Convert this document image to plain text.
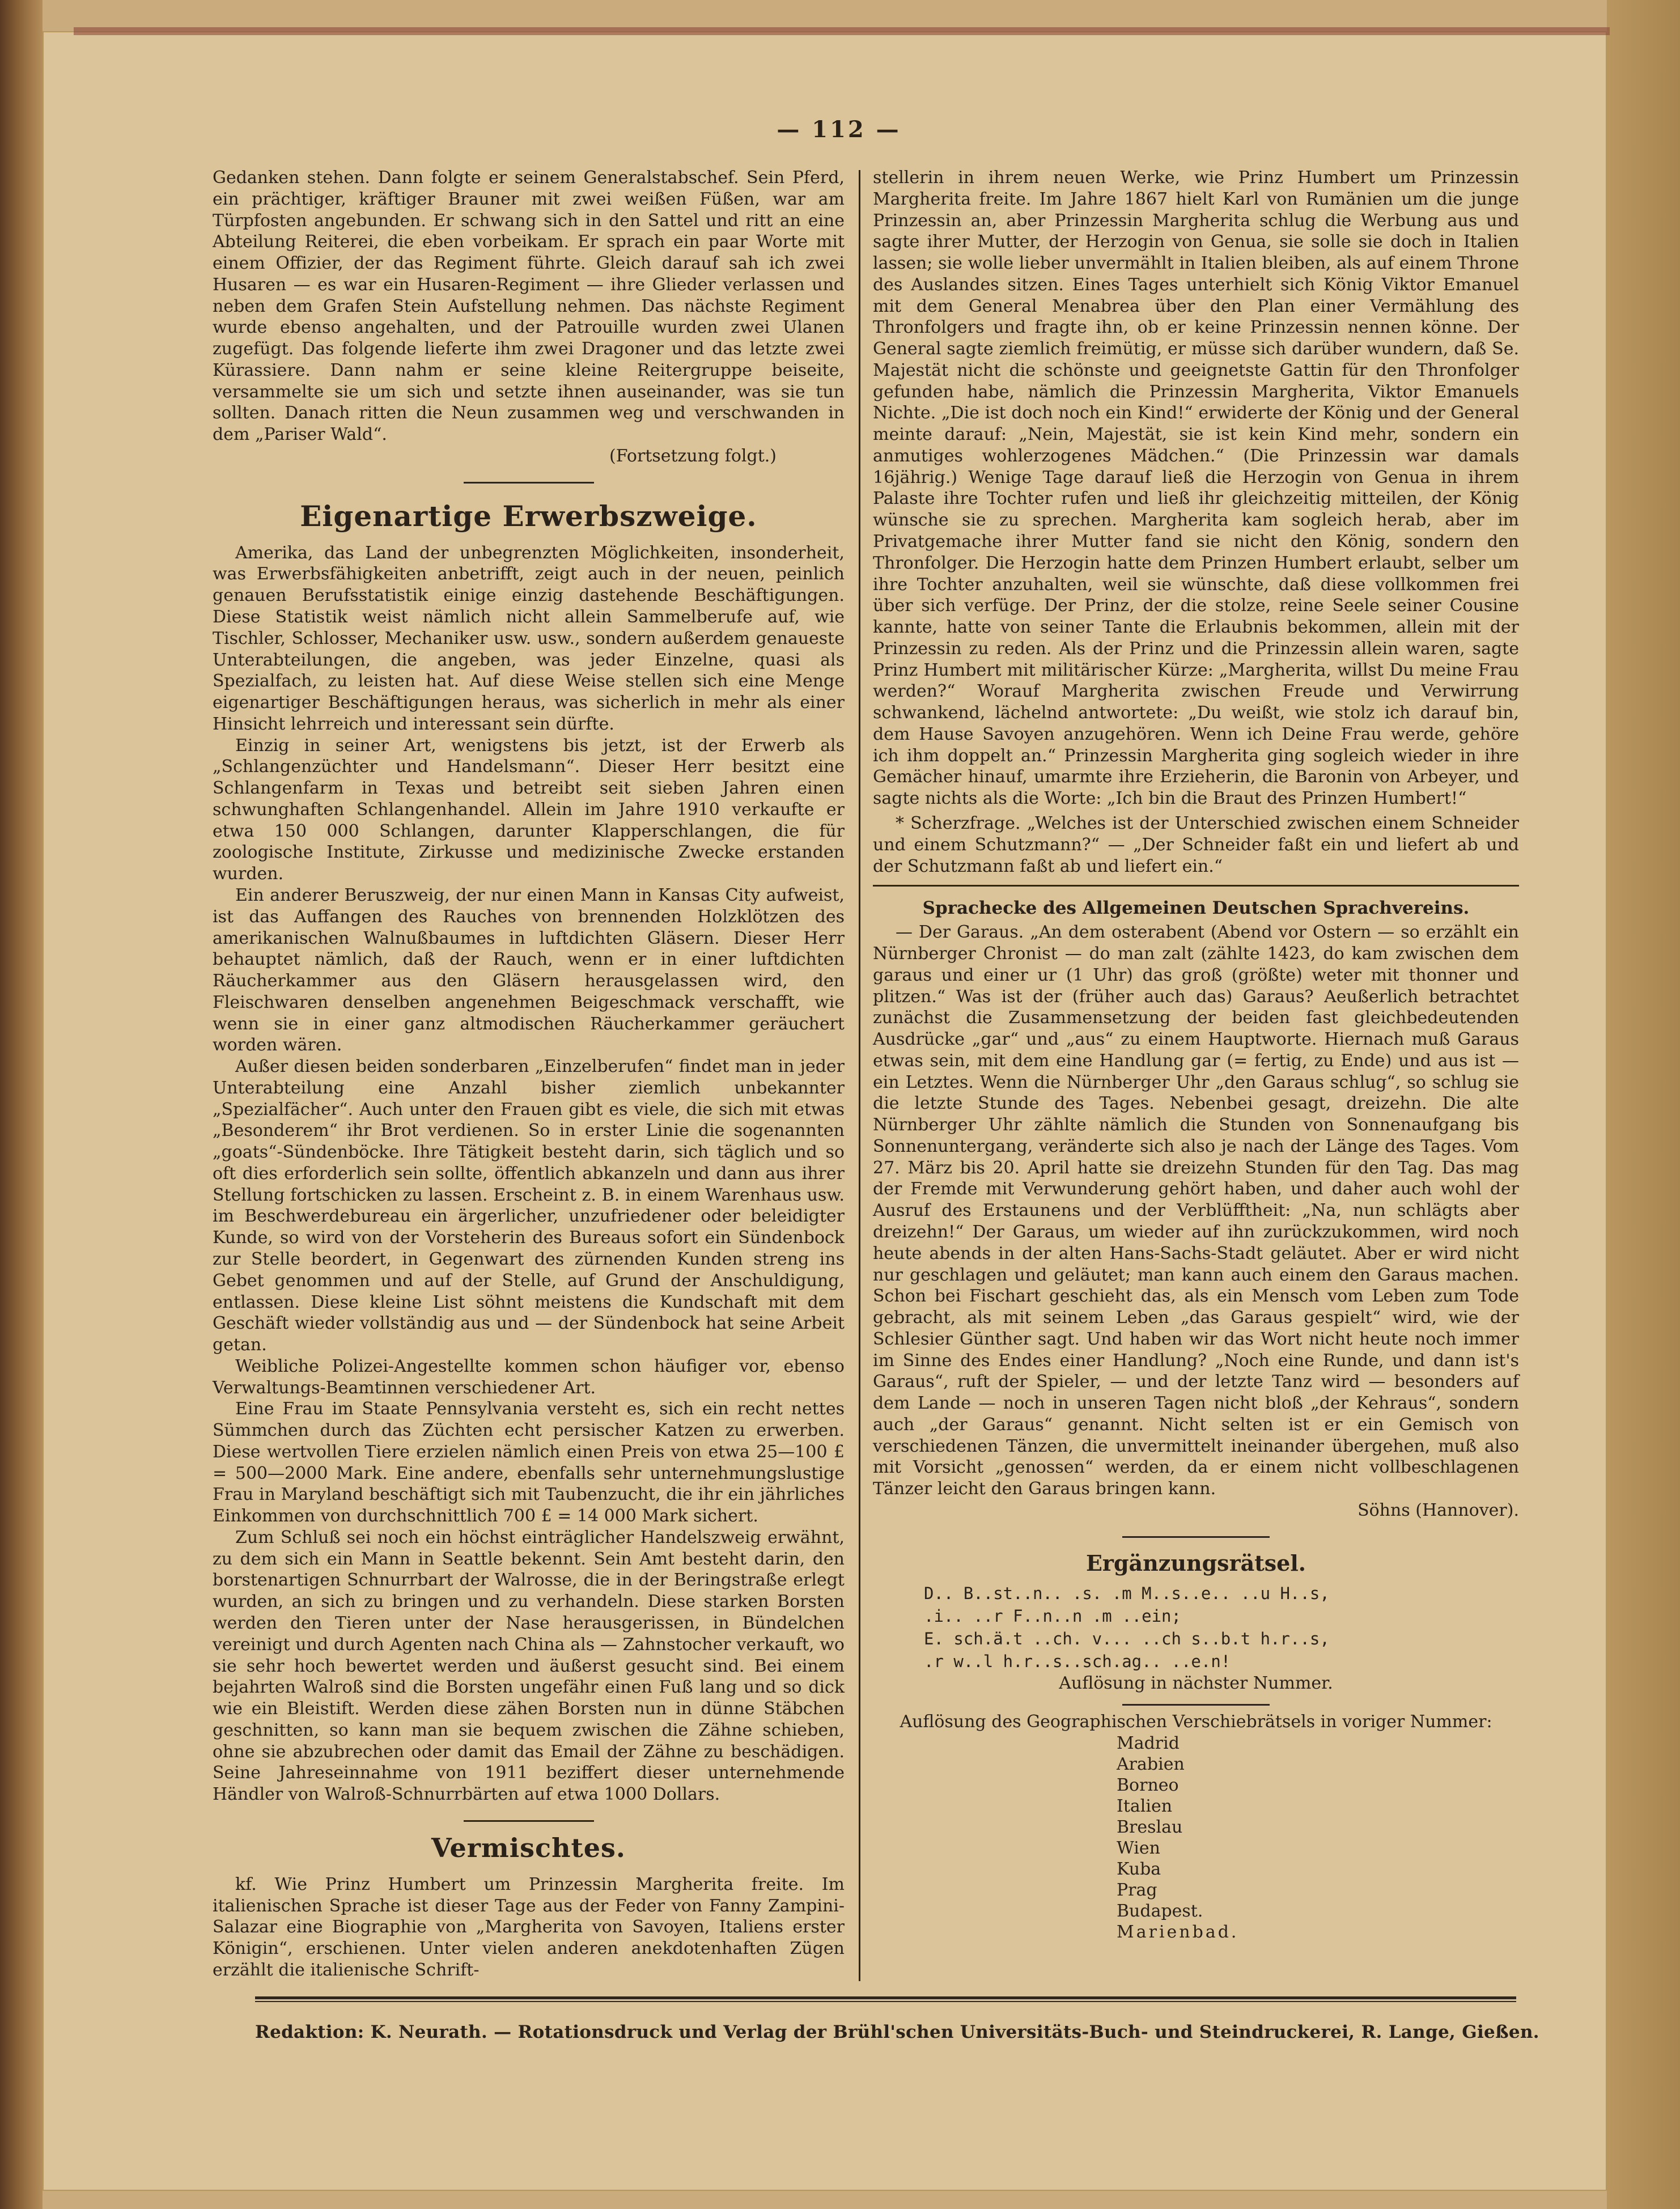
— 112 —

Gedanken stehen. Dann folgte er seinem Generalstabschef. Sein Pferd, ein prächtiger, kräftiger Brauner mit zwei weißen Füßen, war am Türpfosten angebunden. Er schwang sich in den Sattel und ritt an eine Abteilung Reiterei, die eben vorbeikam. Er sprach ein paar Worte mit einem Offizier, der das Regiment führte. Gleich darauf sah ich zwei Husaren — es war ein Husaren-Regiment — ihre Glieder verlassen und neben dem Grafen Stein Aufstellung nehmen. Das nächste Regiment wurde ebenso angehalten, und der Patrouille wurden zwei Ulanen zugefügt. Das folgende lieferte ihm zwei Dragoner und das letzte zwei Kürassiere. Dann nahm er seine kleine Reitergruppe beiseite, versammelte sie um sich und setzte ihnen auseinander, was sie tun sollten. Danach ritten die Neun zusammen weg und verschwanden in dem „Pariser Wald“.

(Fortsetzung folgt.)

Eigenartige Erwerbszweige.

Amerika, das Land der unbegrenzten Möglichkeiten, insonderheit, was Erwerbsfähigkeiten anbetrifft, zeigt auch in der neuen, peinlich genauen Berufsstatistik einige einzig dastehende Beschäftigungen. Diese Statistik weist nämlich nicht allein Sammelberufe auf, wie Tischler, Schlosser, Mechaniker usw. usw., sondern außerdem genaueste Unterabteilungen, die angeben, was jeder Einzelne, quasi als Spezialfach, zu leisten hat. Auf diese Weise stellen sich eine Menge eigenartiger Beschäftigungen heraus, was sicherlich in mehr als einer Hinsicht lehrreich und interessant sein dürfte.

Einzig in seiner Art, wenigstens bis jetzt, ist der Erwerb als „Schlangenzüchter und Handelsmann“. Dieser Herr besitzt eine Schlangenfarm in Texas und betreibt seit sieben Jahren einen schwunghaften Schlangenhandel. Allein im Jahre 1910 verkaufte er etwa 150 000 Schlangen, darunter Klapperschlangen, die für zoologische Institute, Zirkusse und medizinische Zwecke erstanden wurden.

Ein anderer Beruszweig, der nur einen Mann in Kansas City aufweist, ist das Auffangen des Rauches von brennenden Holzklötzen des amerikanischen Walnußbaumes in luftdichten Gläsern. Dieser Herr behauptet nämlich, daß der Rauch, wenn er in einer luftdichten Räucherkammer aus den Gläsern herausgelassen wird, den Fleischwaren denselben angenehmen Beigeschmack verschafft, wie wenn sie in einer ganz altmodischen Räucherkammer geräuchert worden wären.

Außer diesen beiden sonderbaren „Einzelberufen“ findet man in jeder Unterabteilung eine Anzahl bisher ziemlich unbekannter „Spezialfächer“. Auch unter den Frauen gibt es viele, die sich mit etwas „Besonderem“ ihr Brot verdienen. So in erster Linie die sogenannten „goats“-Sündenböcke. Ihre Tätigkeit besteht darin, sich täglich und so oft dies erforderlich sein sollte, öffentlich abkanzeln und dann aus ihrer Stellung fortschicken zu lassen. Erscheint z. B. in einem Warenhaus usw. im Beschwerdebureau ein ärgerlicher, unzufriedener oder beleidigter Kunde, so wird von der Vorsteherin des Bureaus sofort ein Sündenbock zur Stelle beordert, in Gegenwart des zürnenden Kunden streng ins Gebet genommen und auf der Stelle, auf Grund der Anschuldigung, entlassen. Diese kleine List söhnt meistens die Kundschaft mit dem Geschäft wieder vollständig aus und — der Sündenbock hat seine Arbeit getan.

Weibliche Polizei-Angestellte kommen schon häufiger vor, ebenso Verwaltungs-Beamtinnen verschiedener Art.

Eine Frau im Staate Pennsylvania versteht es, sich ein recht nettes Sümmchen durch das Züchten echt persischer Katzen zu erwerben. Diese wertvollen Tiere erzielen nämlich einen Preis von etwa 25—100 £ = 500—2000 Mark. Eine andere, ebenfalls sehr unternehmungslustige Frau in Maryland beschäftigt sich mit Taubenzucht, die ihr ein jährliches Einkommen von durchschnittlich 700 £ = 14 000 Mark sichert.

Zum Schluß sei noch ein höchst einträglicher Handelszweig erwähnt, zu dem sich ein Mann in Seattle bekennt. Sein Amt besteht darin, den borstenartigen Schnurrbart der Walrosse, die in der Beringstraße erlegt wurden, an sich zu bringen und zu verhandeln. Diese starken Borsten werden den Tieren unter der Nase herausgerissen, in Bündelchen vereinigt und durch Agenten nach China als — Zahnstocher verkauft, wo sie sehr hoch bewertet werden und äußerst gesucht sind. Bei einem bejahrten Walroß sind die Borsten ungefähr einen Fuß lang und so dick wie ein Bleistift. Werden diese zähen Borsten nun in dünne Stäbchen geschnitten, so kann man sie bequem zwischen die Zähne schieben, ohne sie abzubrechen oder damit das Email der Zähne zu beschädigen. Seine Jahreseinnahme von 1911 beziffert dieser unternehmende Händler von Walroß-Schnurrbärten auf etwa 1000 Dollars.

Vermischtes.

kf. Wie Prinz Humbert um Prinzessin Margherita freite. Im italienischen Sprache ist dieser Tage aus der Feder von Fanny Zampini-Salazar eine Biographie von „Margherita von Savoyen, Italiens erster Königin“, erschienen. Unter vielen anderen anekdotenhaften Zügen erzählt die italienische Schrift-

stellerin in ihrem neuen Werke, wie Prinz Humbert um Prinzessin Margherita freite. Im Jahre 1867 hielt Karl von Rumänien um die junge Prinzessin an, aber Prinzessin Margherita schlug die Werbung aus und sagte ihrer Mutter, der Herzogin von Genua, sie solle sie doch in Italien lassen; sie wolle lieber unvermählt in Italien bleiben, als auf einem Throne des Auslandes sitzen. Eines Tages unterhielt sich König Viktor Emanuel mit dem General Menabrea über den Plan einer Vermählung des Thronfolgers und fragte ihn, ob er keine Prinzessin nennen könne. Der General sagte ziemlich freimütig, er müsse sich darüber wundern, daß Se. Majestät nicht die schönste und geeignetste Gattin für den Thronfolger gefunden habe, nämlich die Prinzessin Margherita, Viktor Emanuels Nichte. „Die ist doch noch ein Kind!“ erwiderte der König und der General meinte darauf: „Nein, Majestät, sie ist kein Kind mehr, sondern ein anmutiges wohlerzogenes Mädchen.“ (Die Prinzessin war damals 16jährig.) Wenige Tage darauf ließ die Herzogin von Genua in ihrem Palaste ihre Tochter rufen und ließ ihr gleichzeitig mitteilen, der König wünsche sie zu sprechen. Margherita kam sogleich herab, aber im Privatgemache ihrer Mutter fand sie nicht den König, sondern den Thronfolger. Die Herzogin hatte dem Prinzen Humbert erlaubt, selber um ihre Tochter anzuhalten, weil sie wünschte, daß diese vollkommen frei über sich verfüge. Der Prinz, der die stolze, reine Seele seiner Cousine kannte, hatte von seiner Tante die Erlaubnis bekommen, allein mit der Prinzessin zu reden. Als der Prinz und die Prinzessin allein waren, sagte Prinz Humbert mit militärischer Kürze: „Margherita, willst Du meine Frau werden?“ Worauf Margherita zwischen Freude und Verwirrung schwankend, lächelnd antwortete: „Du weißt, wie stolz ich darauf bin, dem Hause Savoyen anzugehören. Wenn ich Deine Frau werde, gehöre ich ihm doppelt an.“ Prinzessin Margherita ging sogleich wieder in ihre Gemächer hinauf, umarmte ihre Erzieherin, die Baronin von Arbeyer, und sagte nichts als die Worte: „Ich bin die Braut des Prinzen Humbert!“

* Scherzfrage. „Welches ist der Unterschied zwischen einem Schneider und einem Schutzmann?“ — „Der Schneider faßt ein und liefert ab und der Schutzmann faßt ab und liefert ein.“

Sprachecke des Allgemeinen Deutschen Sprachvereins.

— Der Garaus. „An dem osterabent (Abend vor Ostern — so erzählt ein Nürnberger Chronist — do man zalt (zählte 1423, do kam zwischen dem garaus und einer ur (1 Uhr) das groß (größte) weter mit thonner und plitzen.“ Was ist der (früher auch das) Garaus? Aeußerlich betrachtet zunächst die Zusammensetzung der beiden fast gleichbedeutenden Ausdrücke „gar“ und „aus“ zu einem Hauptworte. Hiernach muß Garaus etwas sein, mit dem eine Handlung gar (= fertig, zu Ende) und aus ist — ein Letztes. Wenn die Nürnberger Uhr „den Garaus schlug“, so schlug sie die letzte Stunde des Tages. Nebenbei gesagt, dreizehn. Die alte Nürnberger Uhr zählte nämlich die Stunden von Sonnenaufgang bis Sonnenuntergang, veränderte sich also je nach der Länge des Tages. Vom 27. März bis 20. April hatte sie dreizehn Stunden für den Tag. Das mag der Fremde mit Verwunderung gehört haben, und daher auch wohl der Ausruf des Erstaunens und der Verblüfftheit: „Na, nun schlägts aber dreizehn!“ Der Garaus, um wieder auf ihn zurückzukommen, wird noch heute abends in der alten Hans-Sachs-Stadt geläutet. Aber er wird nicht nur geschlagen und geläutet; man kann auch einem den Garaus machen. Schon bei Fischart geschieht das, als ein Mensch vom Leben zum Tode gebracht, als mit seinem Leben „das Garaus gespielt“ wird, wie der Schlesier Günther sagt. Und haben wir das Wort nicht heute noch immer im Sinne des Endes einer Handlung? „Noch eine Runde, und dann ist's Garaus“, ruft der Spieler, — und der letzte Tanz wird — besonders auf dem Lande — noch in unseren Tagen nicht bloß „der Kehraus“, sondern auch „der Garaus“ genannt. Nicht selten ist er ein Gemisch von verschiedenen Tänzen, die unvermittelt ineinander übergehen, muß also mit Vorsicht „genossen“ werden, da er einem nicht vollbeschlagenen Tänzer leicht den Garaus bringen kann.

Söhns (Hannover).

Ergänzungsrätsel.
D.. B..st..n.. .s. .m M..s..e.. ..u H..s,
.i.. ..r F..n..n .m ..ein;
E. sch.ä.t ..ch. v... ..ch s..b.t h.r..s,
.r w..l h.r..s..sch.ag.. ..e.n!

Auflösung in nächster Nummer.

Auflösung des Geographischen Verschiebrätsels in voriger Nummer:

Madrid
Arabien
Borneo
Italien
Breslau
Wien
Kuba
Prag
Budapest.
Marienbad.
Redaktion: K. Neurath. — Rotationsdruck und Verlag der Brühl'schen Universitäts-Buch- und Steindruckerei, R. Lange, Gießen.
